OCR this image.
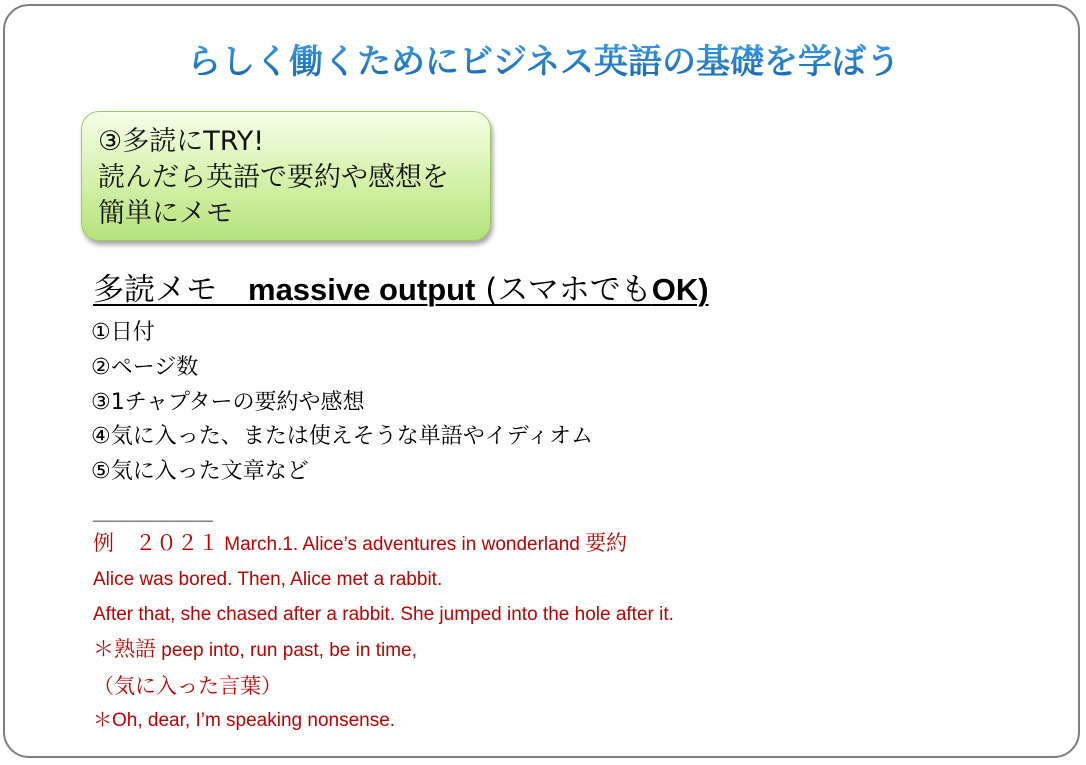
らしく働くためにビジネス英語の基礎を学ぼう
③多読にTRY!
読んだら英語で要約や感想を
簡単にメモ
多読メモ　massive output (スマホでもOK)
①日付
②ページ数
③1チャプターの要約や感想
④気に入った、または使えそうな単語やイディオム
⑤気に入った文章など
＿＿＿＿＿＿
例　２０２１ March.1. Alice’s adventures in wonderland 要約
Alice was bored. Then, Alice met a rabbit.
After that, she chased after a rabbit. She jumped into the hole after it.
＊熟語 peep into, run past, be in time,
（気に入った言葉）
＊Oh, dear, I’m speaking nonsense.
